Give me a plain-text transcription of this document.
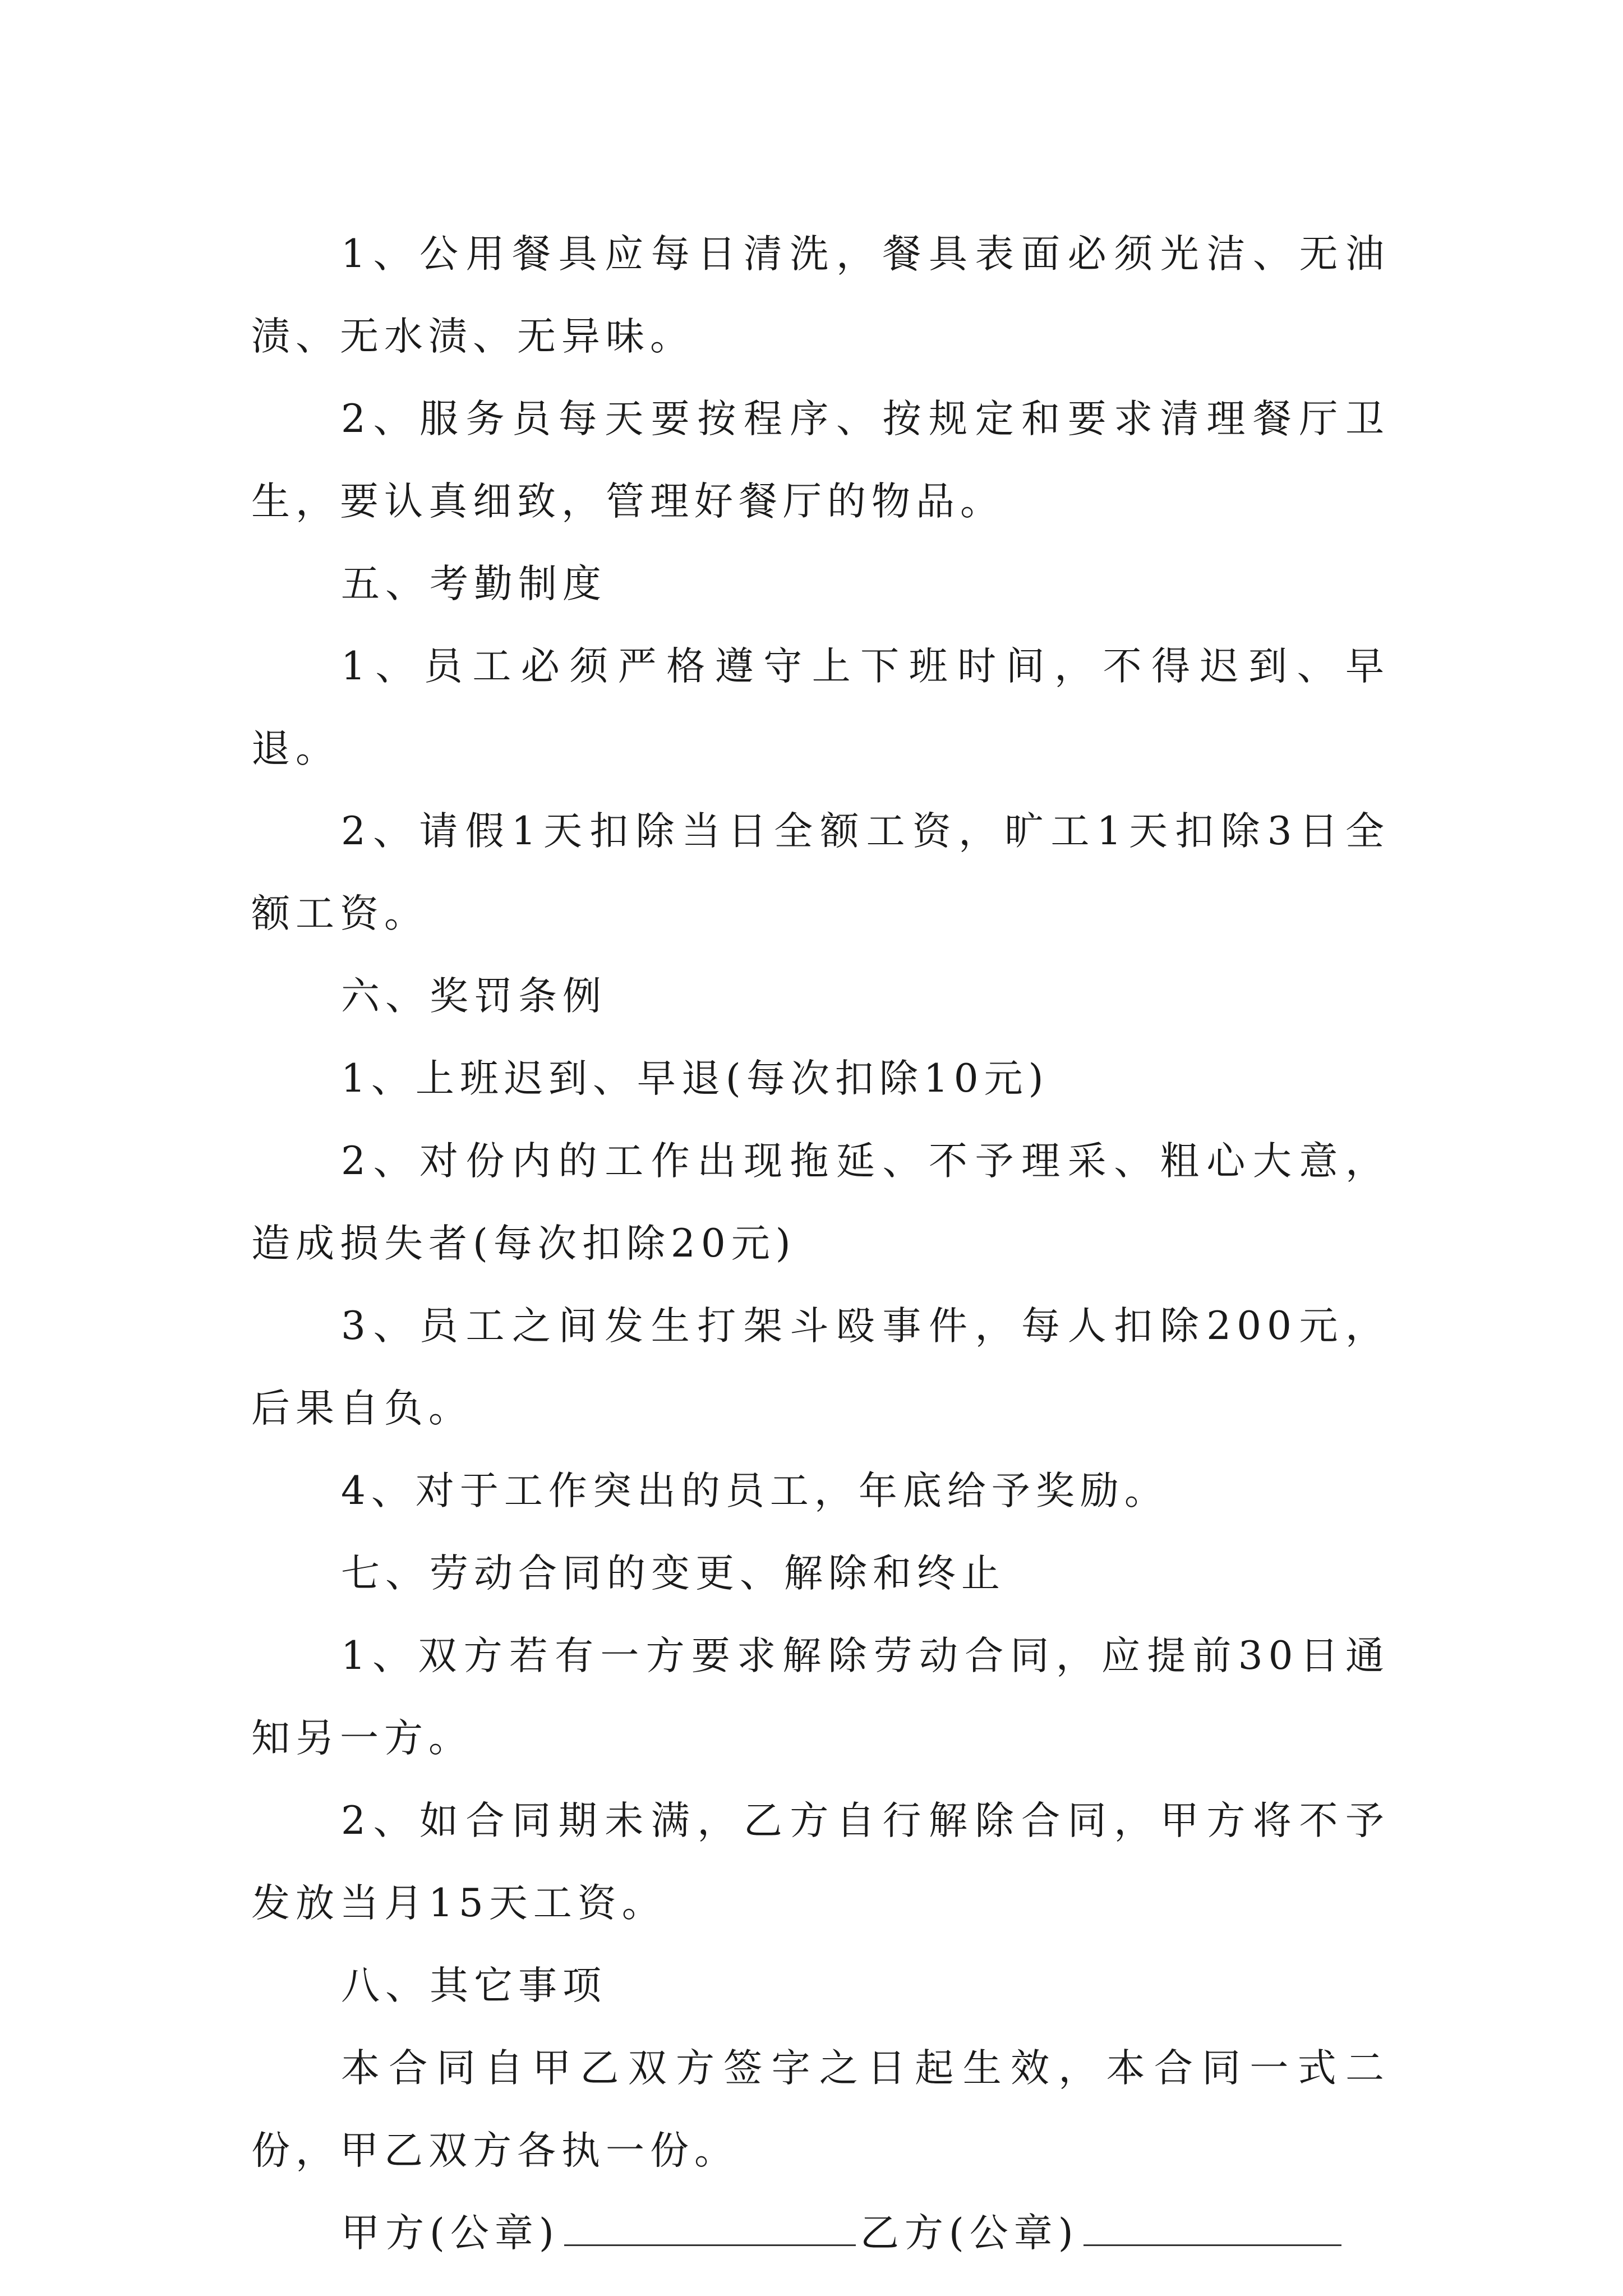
1、公用餐具应每日清洗，餐具表面必须光洁、无油渍、无水渍、无异味。

2、服务员每天要按程序、按规定和要求清理餐厅卫生，要认真细致，管理好餐厅的物品。

五、考勤制度

1、员工必须严格遵守上下班时间，不得迟到、早退。

2、请假1天扣除当日全额工资，旷工1天扣除3日全额工资。

六、奖罚条例

1、上班迟到、早退(每次扣除10元)

2、对份内的工作出现拖延、不予理采、粗心大意，造成损失者(每次扣除20元)

3、员工之间发生打架斗殴事件，每人扣除200元，后果自负。

4、对于工作突出的员工，年底给予奖励。

七、劳动合同的变更、解除和终止

1、双方若有一方要求解除劳动合同，应提前30日通知另一方。

2、如合同期未满，乙方自行解除合同，甲方将不予发放当月15天工资。

八、其它事项

本合同自甲乙双方签字之日起生效，本合同一式二份，甲乙双方各执一份。

甲方(公章)	乙方(公章)
